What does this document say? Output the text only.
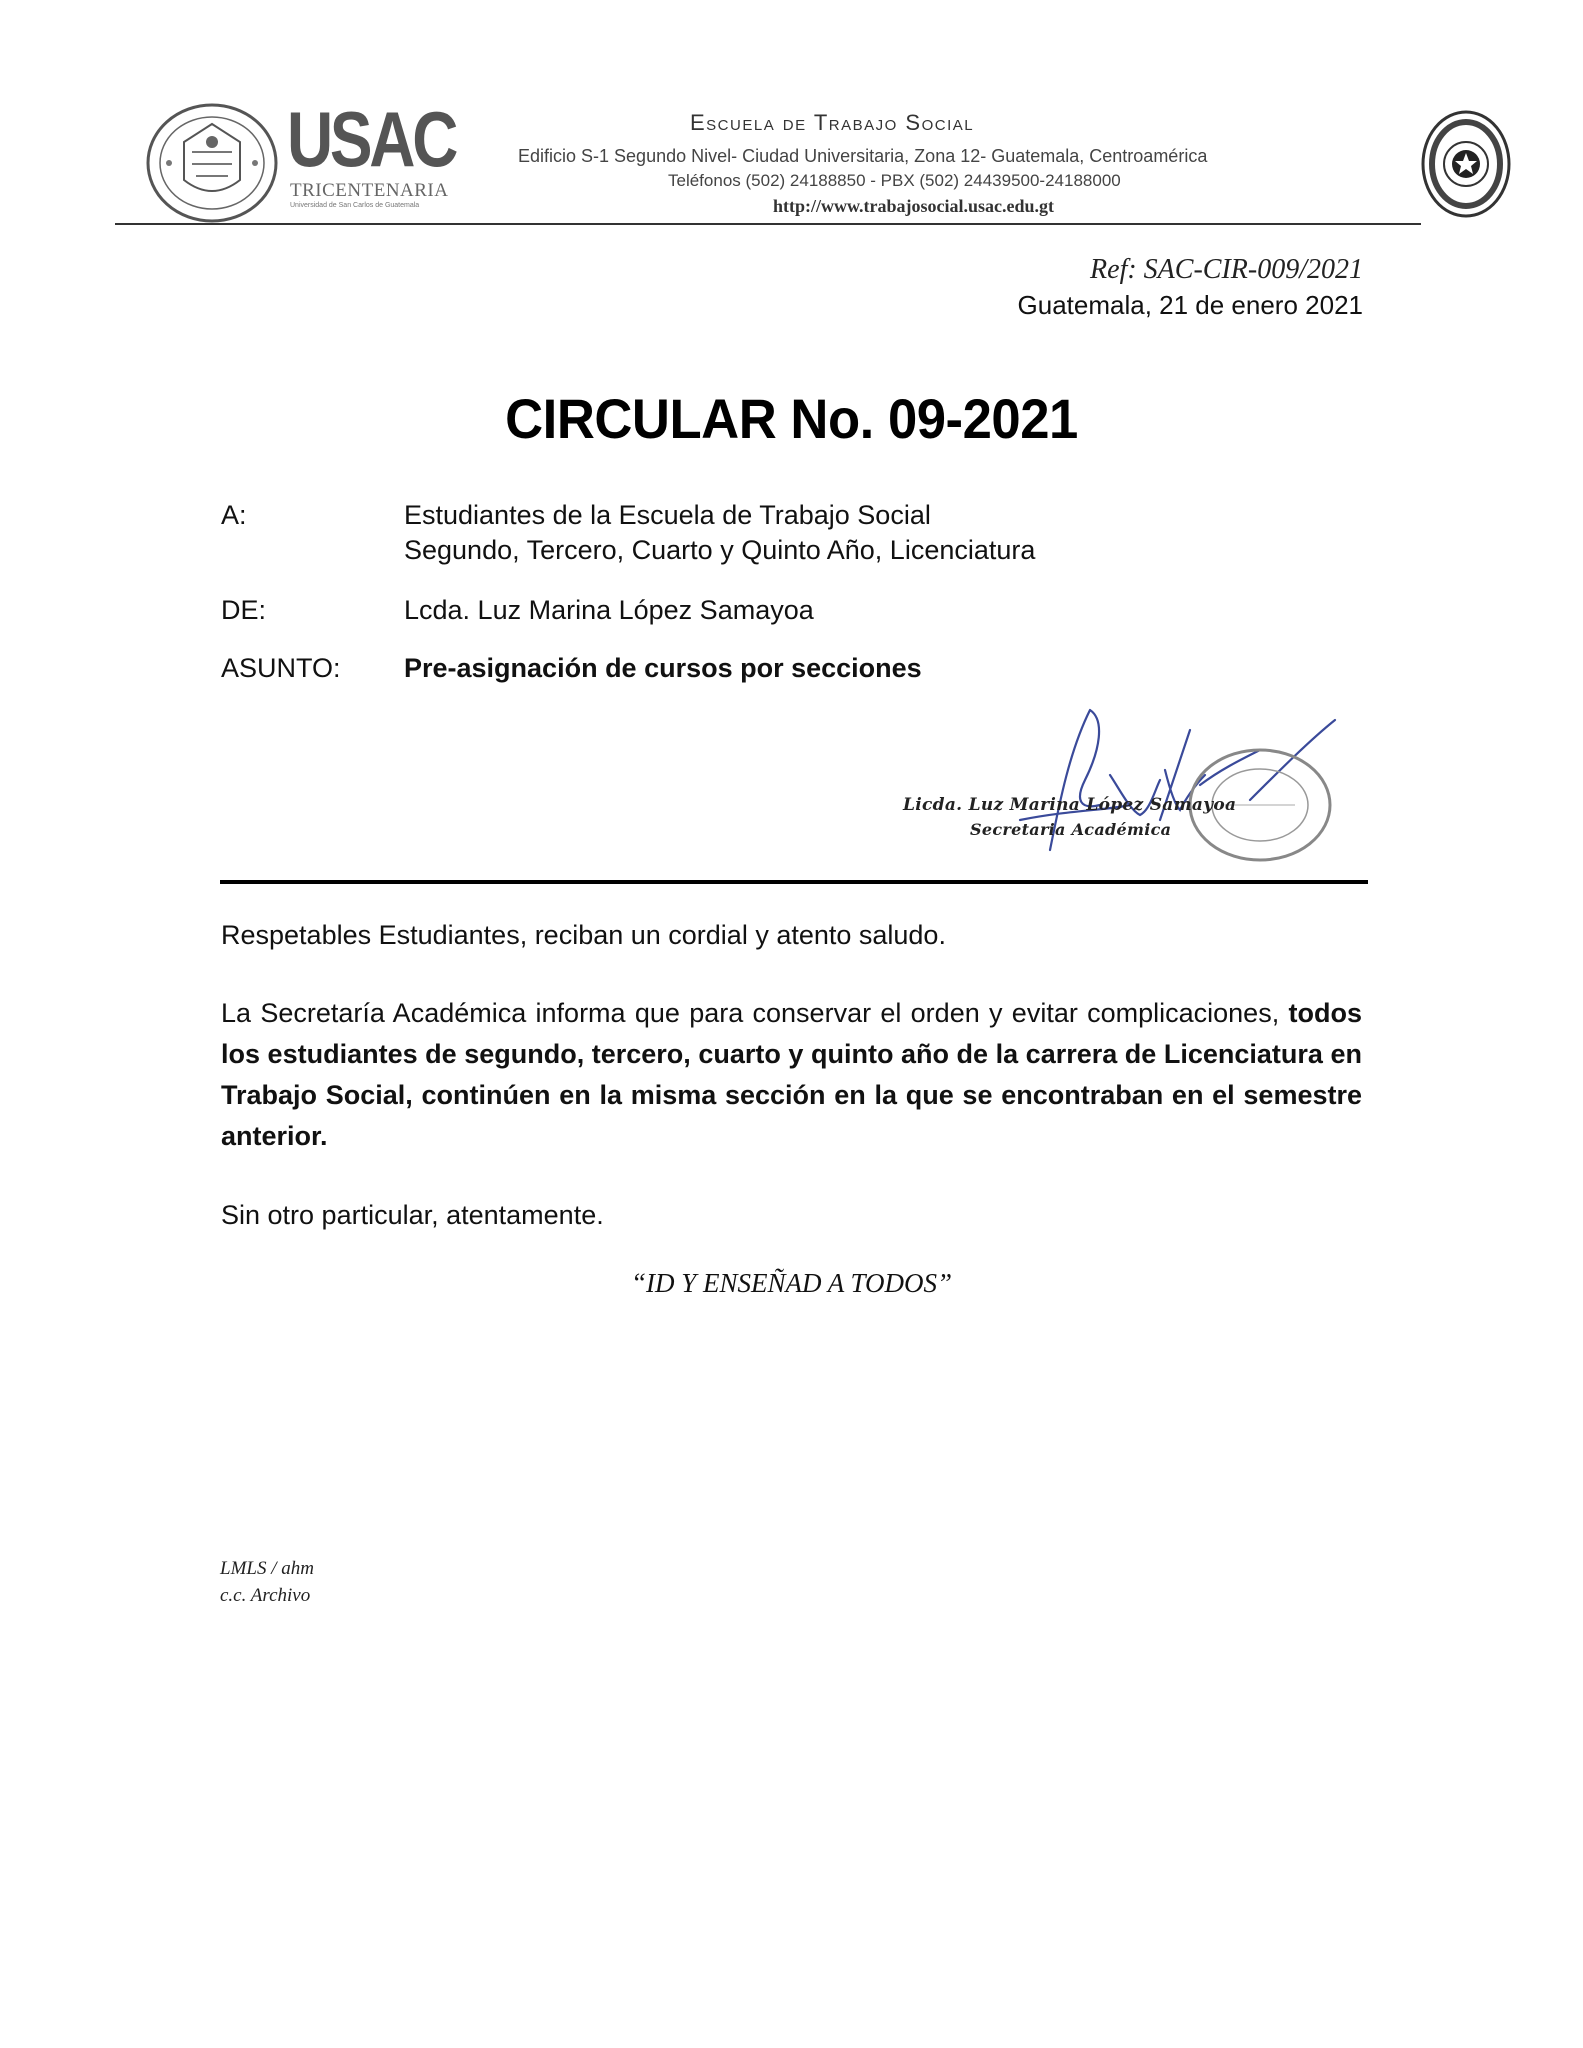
USAC
TRICENTENARIA
Universidad de San Carlos de Guatemala
Escuela de Trabajo Social
Edificio S-1 Segundo Nivel- Ciudad Universitaria, Zona 12- Guatemala, Centroamérica
Teléfonos (502) 24188850 - PBX (502) 24439500-24188000
http://www.trabajosocial.usac.edu.gt
Ref: SAC-CIR-009/2021
Guatemala, 21 de enero 2021
CIRCULAR No. 09-2021
A:	Estudiantes de la Escuela de Trabajo Social
Segundo, Tercero, Cuarto y Quinto Año, Licenciatura
DE:	Lcda. Luz Marina López Samayoa
ASUNTO: Pre-asignación de cursos por secciones
Licda. Luz Marina López Samayoa
Secretaria Académica
Respetables Estudiantes, reciban un cordial y atento saludo.
La Secretaría Académica informa que para conservar el orden y evitar complicaciones, todos los estudiantes de segundo, tercero, cuarto y quinto año de la carrera de Licenciatura en Trabajo Social, continúen en la misma sección en la que se encontraban en el semestre anterior.
Sin otro particular, atentamente.
“ID Y ENSEÑAD A TODOS”
LMLS / ahm
c.c. Archivo
